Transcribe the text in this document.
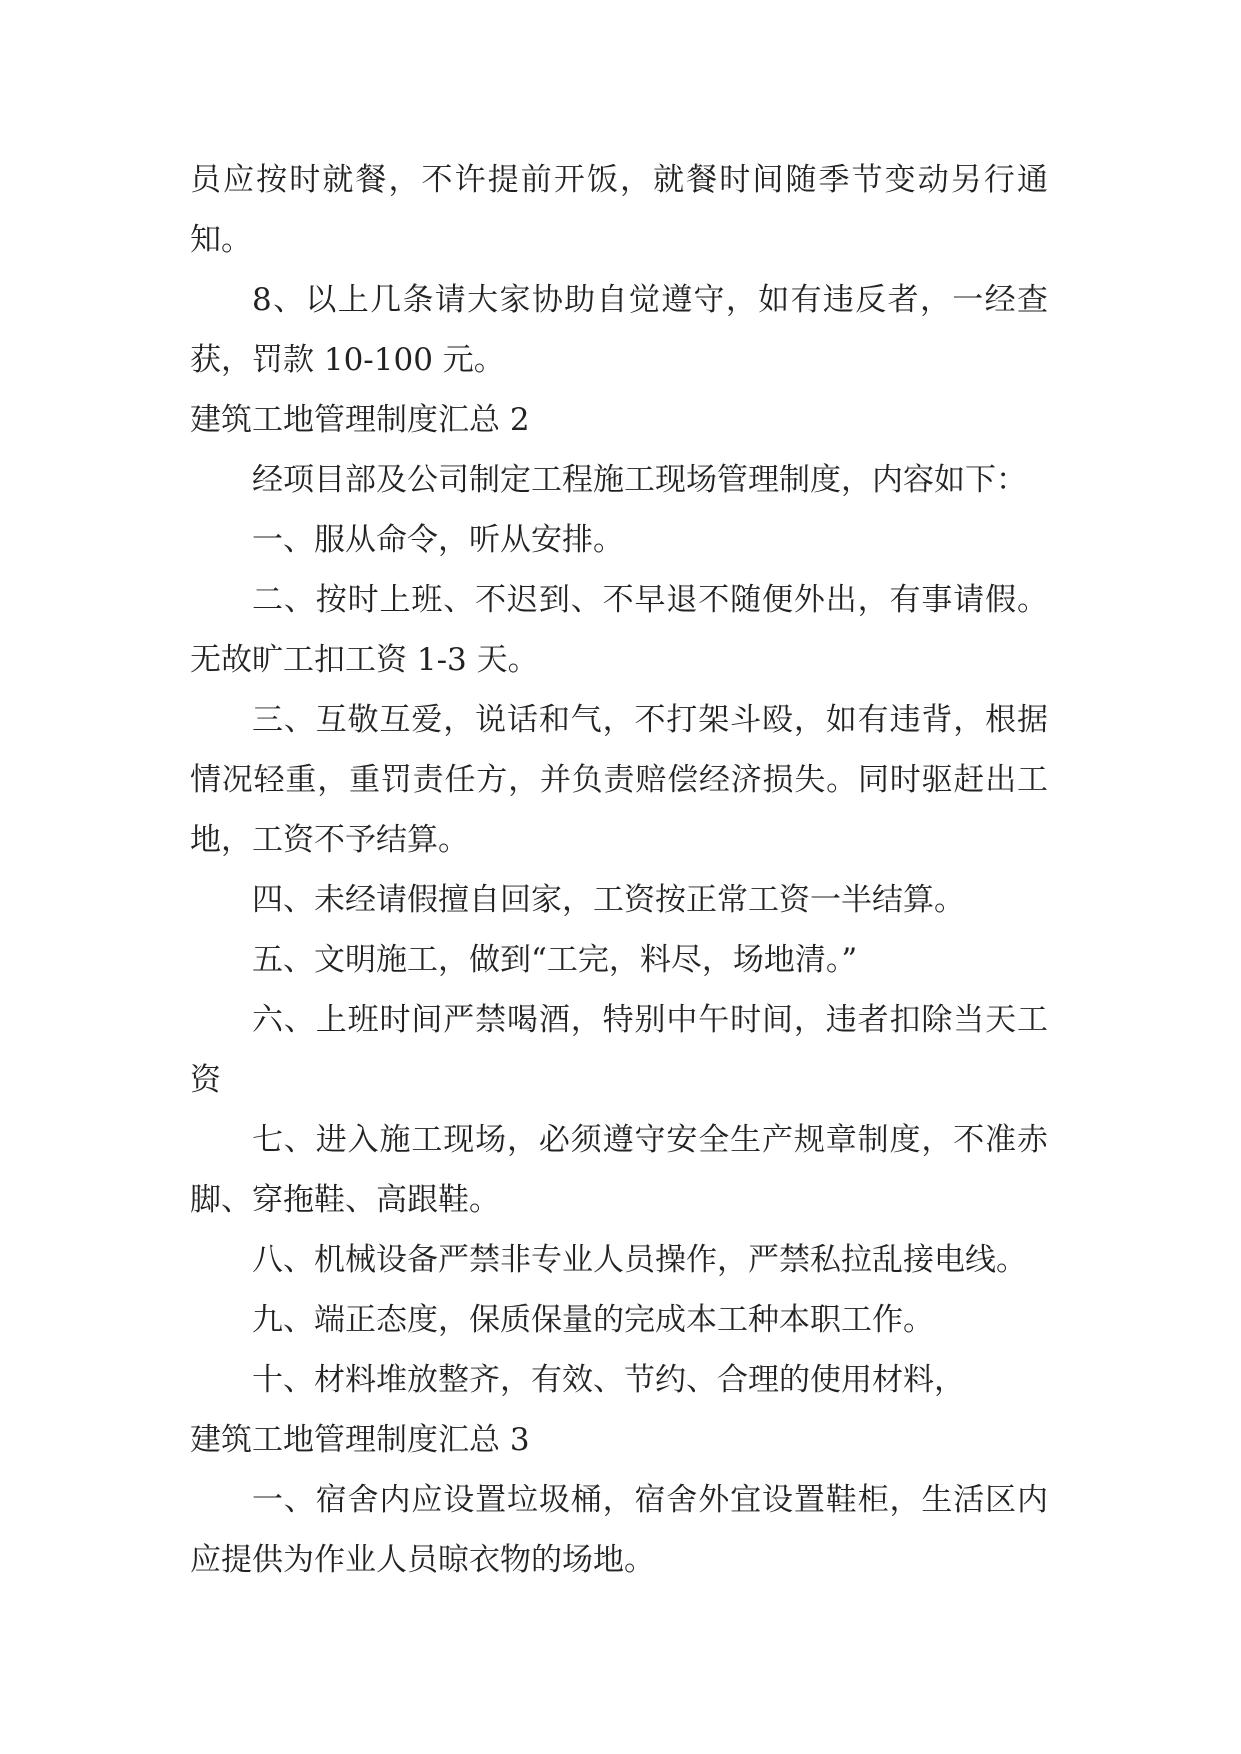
员应按时就餐，不许提前开饭，就餐时间随季节变动另行通知。

8、以上几条请大家协助自觉遵守，如有违反者，一经查获，罚款 10-100 元。

建筑工地管理制度汇总 2

经项目部及公司制定工程施工现场管理制度，内容如下：

一、服从命令，听从安排。

二、按时上班、不迟到、不早退不随便外出，有事请假。无故旷工扣工资 1-3 天。

三、互敬互爱，说话和气，不打架斗殴，如有违背，根据情况轻重，重罚责任方，并负责赔偿经济损失。同时驱赶出工地，工资不予结算。

四、未经请假擅自回家，工资按正常工资一半结算。

五、文明施工，做到“工完，料尽，场地清。”

六、上班时间严禁喝酒，特别中午时间，违者扣除当天工资

七、进入施工现场，必须遵守安全生产规章制度，不准赤脚、穿拖鞋、高跟鞋。

八、机械设备严禁非专业人员操作，严禁私拉乱接电线。

九、端正态度，保质保量的完成本工种本职工作。

十、材料堆放整齐，有效、节约、合理的使用材料，

建筑工地管理制度汇总 3

一、宿舍内应设置垃圾桶，宿舍外宜设置鞋柜，生活区内应提供为作业人员晾衣物的场地。
